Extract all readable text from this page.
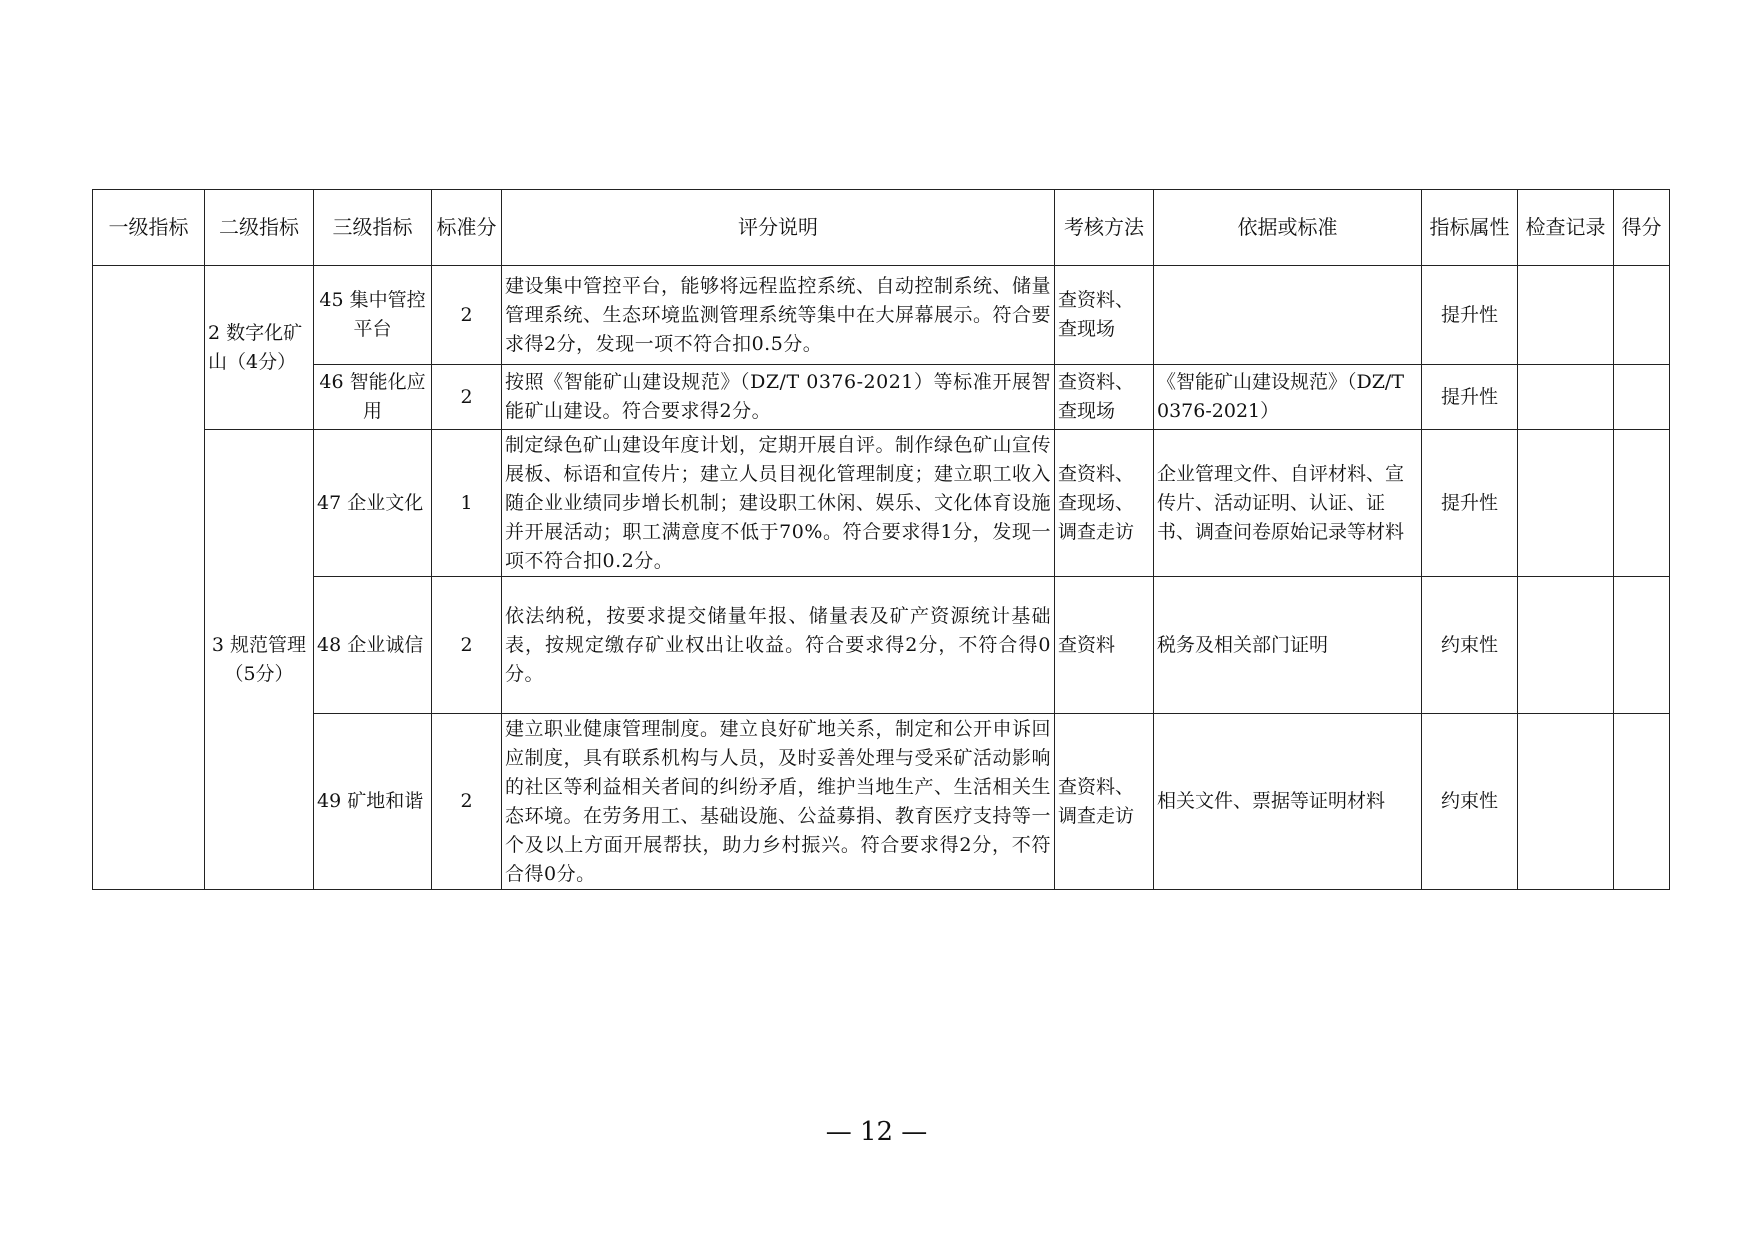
一级指标	二级指标	三级指标	标准分	评分说明	考核方法	依据或标准	指标属性	检查记录	得分
	2 数字化矿山（4分）	45 集中管控平台	2	建设集中管控平台，能够将远程监控系统、自动控制系统、储量管理系统、生态环境监测管理系统等集中在大屏幕展示。符合要求得2分，发现一项不符合扣0.5分。	查资料、查现场		提升性		
		46 智能化应用	2	按照《智能矿山建设规范》（DZ/T 0376-2021）等标准开展智能矿山建设。符合要求得2分。	查资料、查现场	《智能矿山建设规范》（DZ/T 0376-2021）	提升性		
	3 规范管理（5分）	47 企业文化	1	制定绿色矿山建设年度计划，定期开展自评。制作绿色矿山宣传展板、标语和宣传片；建立人员目视化管理制度；建立职工收入随企业业绩同步增长机制；建设职工休闲、娱乐、文化体育设施并开展活动；职工满意度不低于70%。符合要求得1分，发现一项不符合扣0.2分。	查资料、查现场、调查走访	企业管理文件、自评材料、宣传片、活动证明、认证、证书、调查问卷原始记录等材料	提升性		
		48 企业诚信	2	依法纳税，按要求提交储量年报、储量表及矿产资源统计基础表，按规定缴存矿业权出让收益。符合要求得2分，不符合得0分。	查资料	税务及相关部门证明	约束性		
		49 矿地和谐	2	建立职业健康管理制度。建立良好矿地关系，制定和公开申诉回应制度，具有联系机构与人员，及时妥善处理与受采矿活动影响的社区等利益相关者间的纠纷矛盾，维护当地生产、生活相关生态环境。在劳务用工、基础设施、公益募捐、教育医疗支持等一个及以上方面开展帮扶，助力乡村振兴。符合要求得2分，不符合得0分。	查资料、调查走访	相关文件、票据等证明材料	约束性		
— 12 —
